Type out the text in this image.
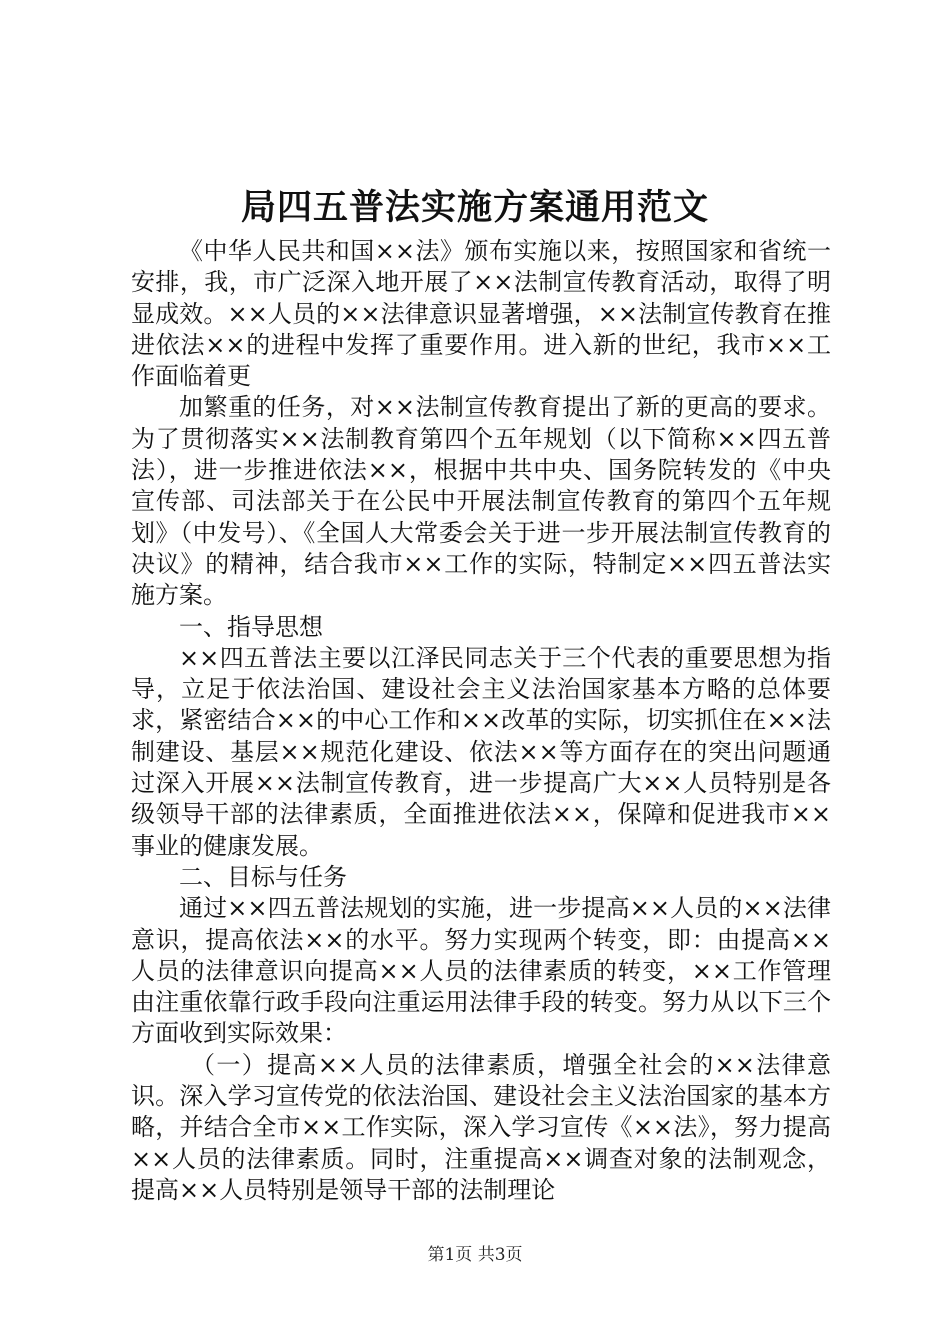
局四五普法实施方案通用范文

《中华人民共和国××法》颁布实施以来，按照国家和省统一安排，我，市广泛深入地开展了××法制宣传教育活动，取得了明显成效。××人员的××法律意识显著增强，××法制宣传教育在推进依法××的进程中发挥了重要作用。进入新的世纪，我市××工作面临着更

加繁重的任务，对××法制宣传教育提出了新的更高的要求。为了贯彻落实××法制教育第四个五年规划（以下简称××四五普法），进一步推进依法××，根据中共中央、国务院转发的《中央宣传部、司法部关于在公民中开展法制宣传教育的第四个五年规划》（中发号）、《全国人大常委会关于进一步开展法制宣传教育的决议》的精神，结合我市××工作的实际，特制定××四五普法实施方案。

一、指导思想

××四五普法主要以江泽民同志关于三个代表的重要思想为指导，立足于依法治国、建设社会主义法治国家基本方略的总体要求，紧密结合××的中心工作和××改革的实际，切实抓住在××法制建设、基层××规范化建设、依法××等方面存在的突出问题通过深入开展××法制宣传教育，进一步提高广大××人员特别是各级领导干部的法律素质，全面推进依法××，保障和促进我市××事业的健康发展。

二、目标与任务

通过××四五普法规划的实施，进一步提高××人员的××法律意识，提高依法××的水平。努力实现两个转变，即：由提高××人员的法律意识向提高××人员的法律素质的转变，××工作管理由注重依靠行政手段向注重运用法律手段的转变。努力从以下三个方面收到实际效果：

（一）提高××人员的法律素质，增强全社会的××法律意识。深入学习宣传党的依法治国、建设社会主义法治国家的基本方略，并结合全市××工作实际，深入学习宣传《××法》，努力提高××人员的法律素质。同时，注重提高××调查对象的法制观念，提高××人员特别是领导干部的法制理论

第1页 共3页
